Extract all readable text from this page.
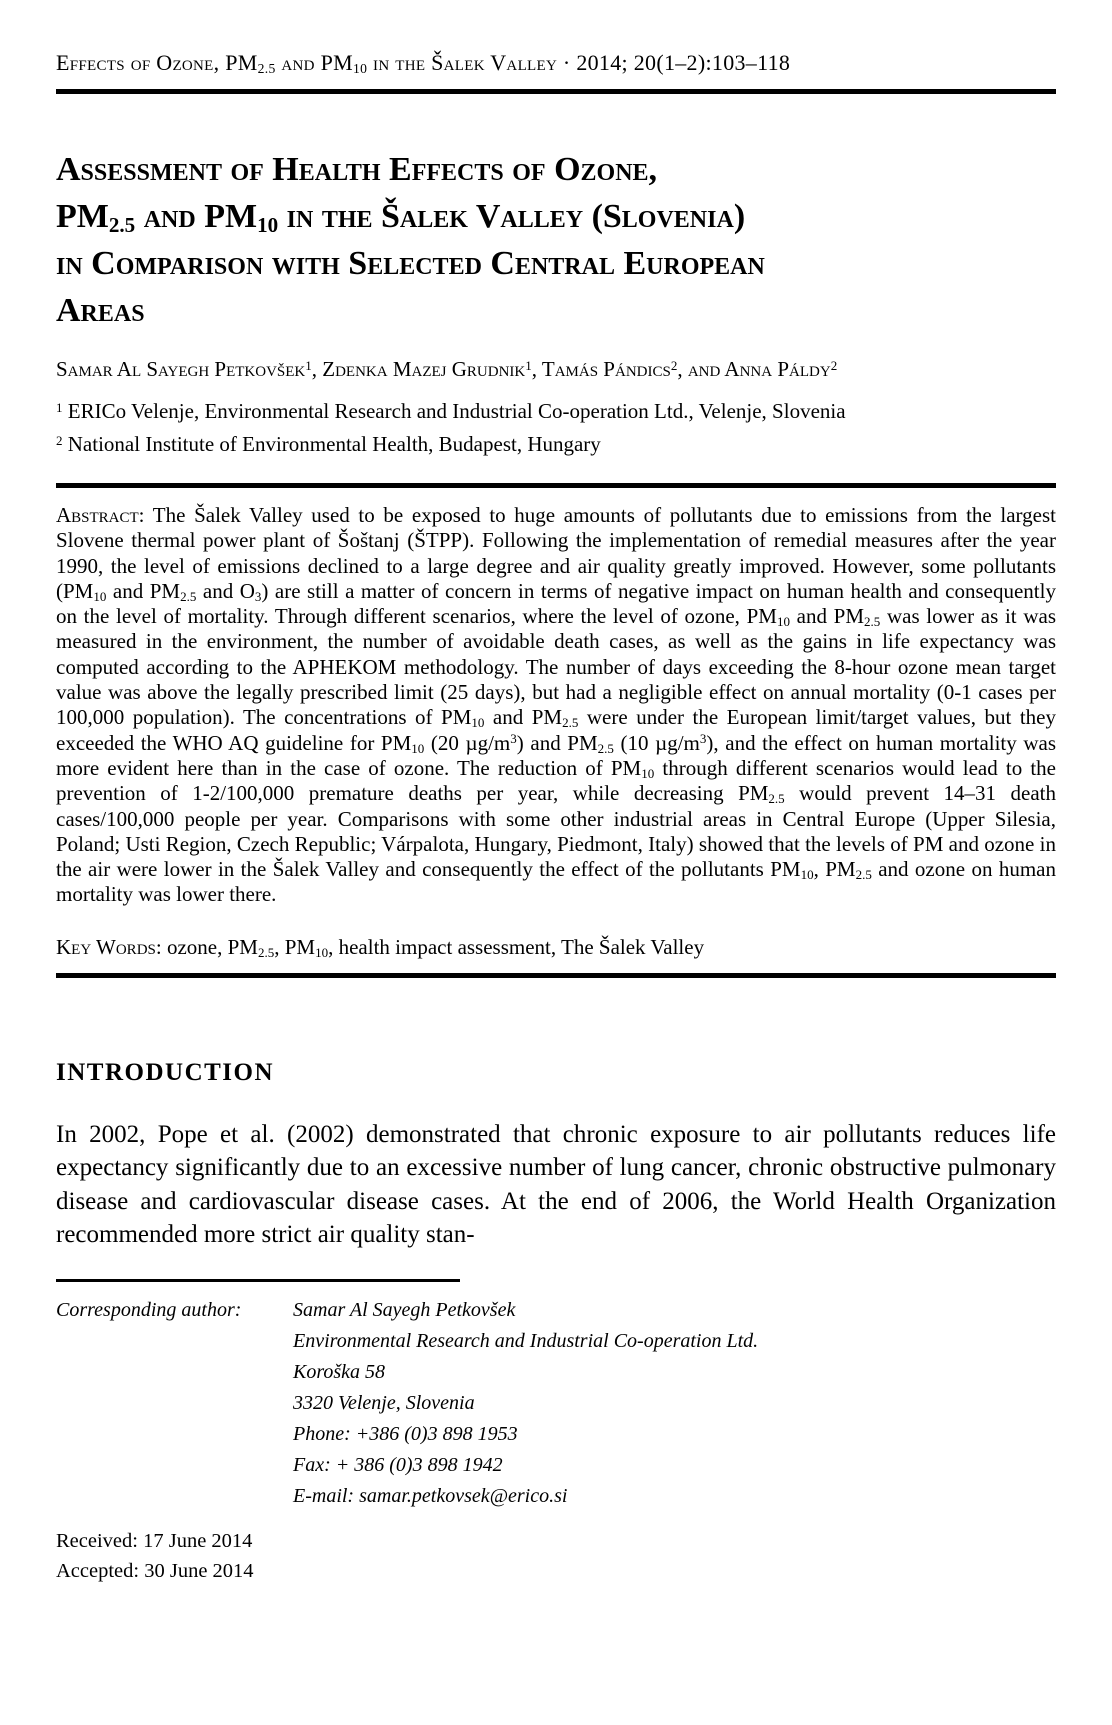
Effects of Ozone, $PM_{2.5}$ and $PM_{10}$ in the Šalek Valley · 2014; 20(1–2):103–118
Assessment of Health Effects of Ozone,
$PM_{2.5}$ and $PM_{10}$ in the Šalek Valley (Slovenia)
in Comparison with Selected Central European
Areas
Samar Al Sayegh Petkovšek$^1$, Zdenka Mazej Grudnik$^1$, Tamás Pándics$^2$, and Anna Páldy$^2$
$^1$ ERICo Velenje, Environmental Research and Industrial Co-operation Ltd., Velenje, Slovenia
$^2$ National Institute of Environmental Health, Budapest, Hungary

Abstract: The Šalek Valley used to be exposed to huge amounts of pollutants due to emissions from the largest Slovene thermal power plant of Šoštanj (ŠTPP). Following the implementation of remedial measures after the year 1990, the level of emissions declined to a large degree and air quality greatly improved. However, some pollutants ($PM_{10}$ and $PM_{2.5}$ and $O_3$) are still a matter of concern in terms of negative impact on human health and consequently on the level of mortality. Through different scenarios, where the level of ozone, $PM_{10}$ and $PM_{2.5}$ was lower as it was measured in the environment, the number of avoidable death cases, as well as the gains in life expectancy was computed according to the APHEKOM methodology. The number of days exceeding the 8-hour ozone mean target value was above the legally prescribed limit (25 days), but had a negligible effect on annual mortality (0-1 cases per 100,000 population). The concentrations of $PM_{10}$ and $PM_{2.5}$ were under the European limit/target values, but they exceeded the WHO AQ guideline for $PM_{10}$ (20 $\mu g/m^3$) and $PM_{2.5}$ (10 $\mu g/m^3$), and the effect on human mortality was more evident here than in the case of ozone. The reduction of $PM_{10}$ through different scenarios would lead to the prevention of 1-2/100,000 premature deaths per year, while decreasing $PM_{2.5}$ would prevent 14–31 death cases/100,000 people per year. Comparisons with some other industrial areas in Central Europe (Upper Silesia, Poland; Usti Region, Czech Republic; Várpalota, Hungary, Piedmont, Italy) showed that the levels of PM and ozone in the air were lower in the Šalek Valley and consequently the effect of the pollutants $PM_{10}$, $PM_{2.5}$ and ozone on human mortality was lower there.

Key Words: ozone, $PM_{2.5}$, $PM_{10}$, health impact assessment, The Šalek Valley

INTRODUCTION

In 2002, Pope et al. (2002) demonstrated that chronic exposure to air pollutants reduces life expectancy significantly due to an excessive number of lung cancer, chronic obstructive pulmonary disease and cardiovascular disease cases. At the end of 2006, the World Health Organization recommended more strict air quality stan-

Corresponding author:	Samar Al Sayegh Petkovšek
Environmental Research and Industrial Co-operation Ltd.
Koroška 58
3320 Velenje, Slovenia
Phone: +386 (0)3 898 1953
Fax: + 386 (0)3 898 1942
E-mail: samar.petkovsek@erico.si
Received: 17 June 2014
Accepted: 30 June 2014
